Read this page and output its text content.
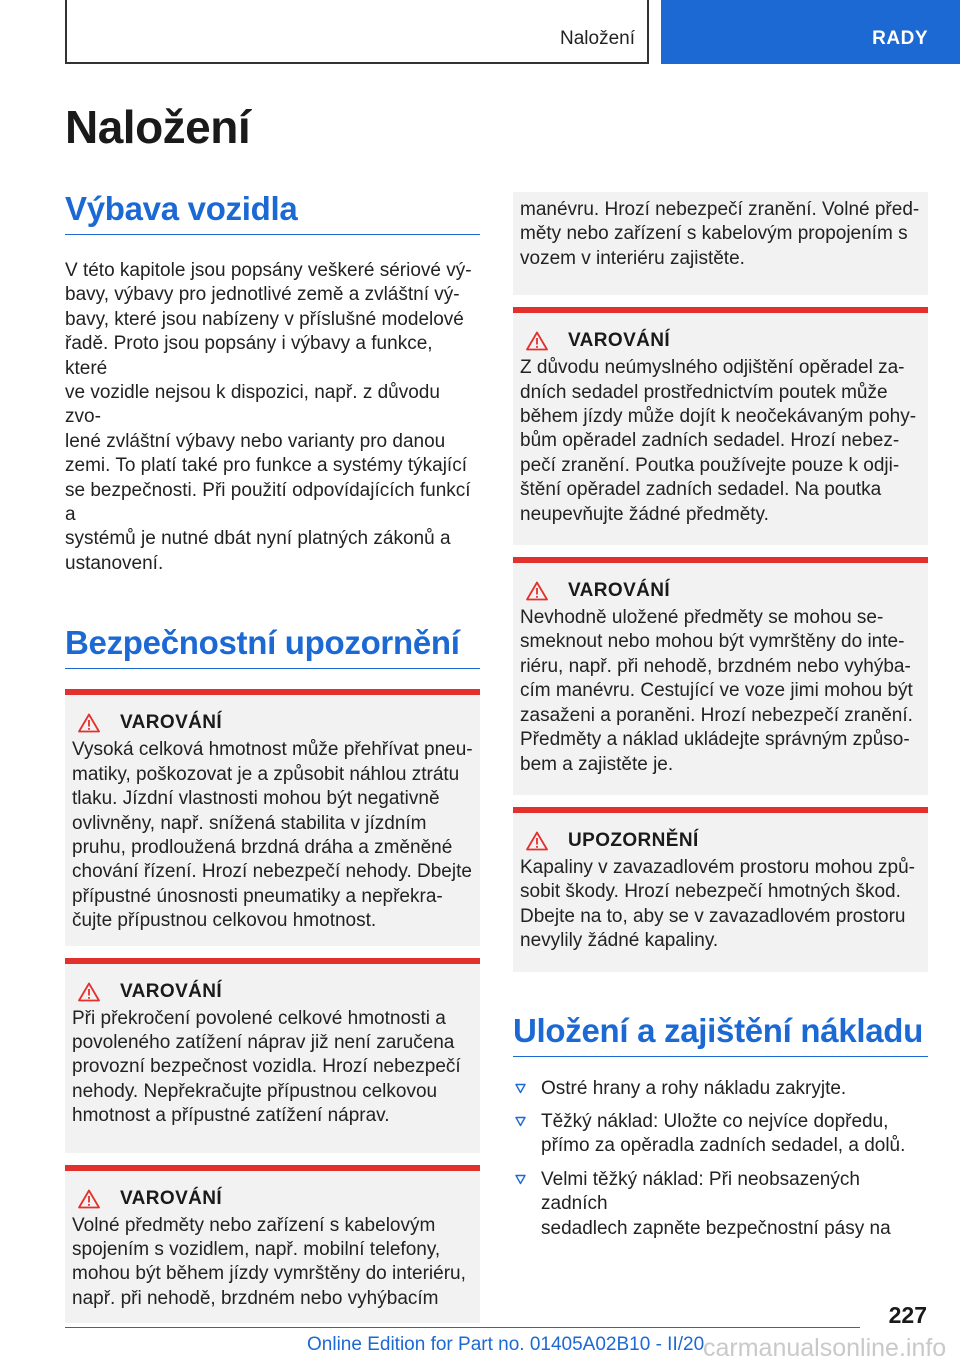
Naložení	RADY
Naložení
Výbava vozidla
V této kapitole jsou popsány veškeré sériové vý-
bavy, výbavy pro jednotlivé země a zvláštní vý-
bavy, které jsou nabízeny v příslušné modelové
řadě. Proto jsou popsány i výbavy a funkce, které
ve vozidle nejsou k dispozici, např. z důvodu zvo-
lené zvláštní výbavy nebo varianty pro danou
zemi. To platí také pro funkce a systémy týkající
se bezpečnosti. Při použití odpovídajících funkcí a
systémů je nutné dbát nyní platných zákonů a
ustanovení.
Bezpečnostní upozornění
VAROVÁNÍ
Vysoká celková hmotnost může přehřívat pneu-
matiky, poškozovat je a způsobit náhlou ztrátu
tlaku. Jízdní vlastnosti mohou být negativně
ovlivněny, např. snížená stabilita v jízdním
pruhu, prodloužená brzdná dráha a změněné
chování řízení. Hrozí nebezpečí nehody. Dbejte
přípustné únosnosti pneumatiky a nepřekra-
čujte přípustnou celkovou hmotnost.
VAROVÁNÍ
Při překročení povolené celkové hmotnosti a
povoleného zatížení náprav již není zaručena
provozní bezpečnost vozidla. Hrozí nebezpečí
nehody. Nepřekračujte přípustnou celkovou
hmotnost a přípustné zatížení náprav.
VAROVÁNÍ
Volné předměty nebo zařízení s kabelovým
spojením s vozidlem, např. mobilní telefony,
mohou být během jízdy vymrštěny do interiéru,
např. při nehodě, brzdném nebo vyhýbacím
manévru. Hrozí nebezpečí zranění. Volné před-
měty nebo zařízení s kabelovým propojením s
vozem v interiéru zajistěte.
VAROVÁNÍ
Z důvodu neúmyslného odjištění opěradel za-
dních sedadel prostřednictvím poutek může
během jízdy může dojít k neočekávaným pohy-
bům opěradel zadních sedadel. Hrozí nebez-
pečí zranění. Poutka používejte pouze k odji-
štění opěradel zadních sedadel. Na poutka
neupevňujte žádné předměty.
VAROVÁNÍ
Nevhodně uložené předměty se mohou se-
smeknout nebo mohou být vymrštěny do inte-
riéru, např. při nehodě, brzdném nebo vyhýba-
cím manévru. Cestující ve voze jimi mohou být
zasaženi a poraněni. Hrozí nebezpečí zranění.
Předměty a náklad ukládejte správným způso-
bem a zajistěte je.
UPOZORNĚNÍ
Kapaliny v zavazadlovém prostoru mohou způ-
sobit škody. Hrozí nebezpečí hmotných škod.
Dbejte na to, aby se v zavazadlovém prostoru
nevylily žádné kapaliny.
Uložení a zajištění nákladu
Ostré hrany a rohy nákladu zakryjte.
Těžký náklad: Uložte co nejvíce dopředu,
přímo za opěradla zadních sedadel, a dolů.
Velmi těžký náklad: Při neobsazených zadních
sedadlech zapněte bezpečnostní pásy na
227
Online Edition for Part no. 01405A02B10 - II/20
carmanualsonline.info
